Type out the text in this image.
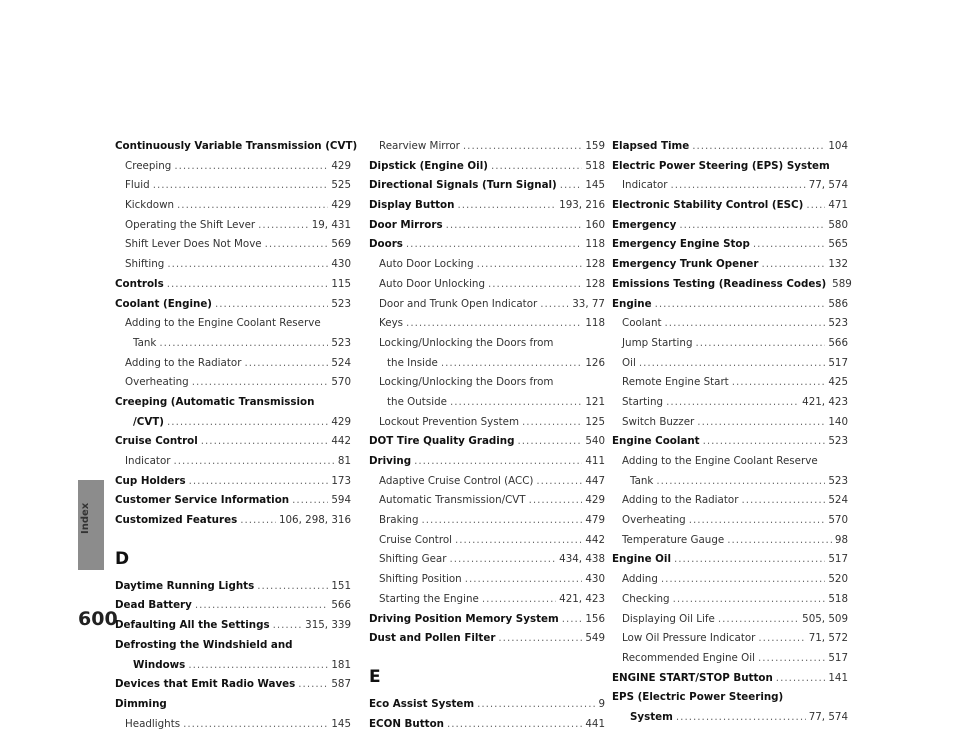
Index
600
Continuously Variable Transmission (CVT)
Creeping .....	429
Fluid .....	525
Kickdown .....	429
Operating the Shift Lever .....	19, 431
Shift Lever Does Not Move .....	569
Shifting .....	430
Controls .....	115
Coolant (Engine) .....	523
Adding to the Engine Coolant Reserve
Tank .....	523
Adding to the Radiator .....	524
Overheating .....	570
Creeping (Automatic Transmission
/CVT) .....	429
Cruise Control .....	442
Indicator .....	81
Cup Holders .....	173
Customer Service Information .....	594
Customized Features .....	106, 298, 316
D
Daytime Running Lights .....	151
Dead Battery .....	566
Defaulting All the Settings .....	315, 339
Defrosting the Windshield and
Windows .....	181
Devices that Emit Radio Waves .....	587
Dimming
Headlights .....	145
Rearview Mirror .....	159
Dipstick (Engine Oil) .....	518
Directional Signals (Turn Signal) .....	145
Display Button .....	193, 216
Door Mirrors .....	160
Doors .....	118
Auto Door Locking .....	128
Auto Door Unlocking .....	128
Door and Trunk Open Indicator .....	33, 77
Keys .....	118
Locking/Unlocking the Doors from
the Inside .....	126
Locking/Unlocking the Doors from
the Outside .....	121
Lockout Prevention System .....	125
DOT Tire Quality Grading .....	540
Driving .....	411
Adaptive Cruise Control (ACC) .....	447
Automatic Transmission/CVT .....	429
Braking .....	479
Cruise Control .....	442
Shifting Gear .....	434, 438
Shifting Position .....	430
Starting the Engine .....	421, 423
Driving Position Memory System .....	156
Dust and Pollen Filter .....	549
E
Eco Assist System .....	9
ECON Button .....	441
Elapsed Time .....	104
Electric Power Steering (EPS) System
Indicator .....	77, 574
Electronic Stability Control (ESC) ..... 471
Emergency .....	580
Emergency Engine Stop .....	565
Emergency Trunk Opener .....	132
Emissions Testing (Readiness Codes) 589
Engine .....	586
Coolant .....	523
Jump Starting .....	566
Oil .....	517
Remote Engine Start .....	425
Starting .....	421, 423
Switch Buzzer .....	140
Engine Coolant .....	523
Adding to the Engine Coolant Reserve
Tank .....	523
Adding to the Radiator .....	524
Overheating .....	570
Temperature Gauge .....	98
Engine Oil .....	517
Adding .....	520
Checking .....	518
Displaying Oil Life .....	505, 509
Low Oil Pressure Indicator .....	71, 572
Recommended Engine Oil .....	517
ENGINE START/STOP Button .....	141
EPS (Electric Power Steering)
System .....	77, 574
